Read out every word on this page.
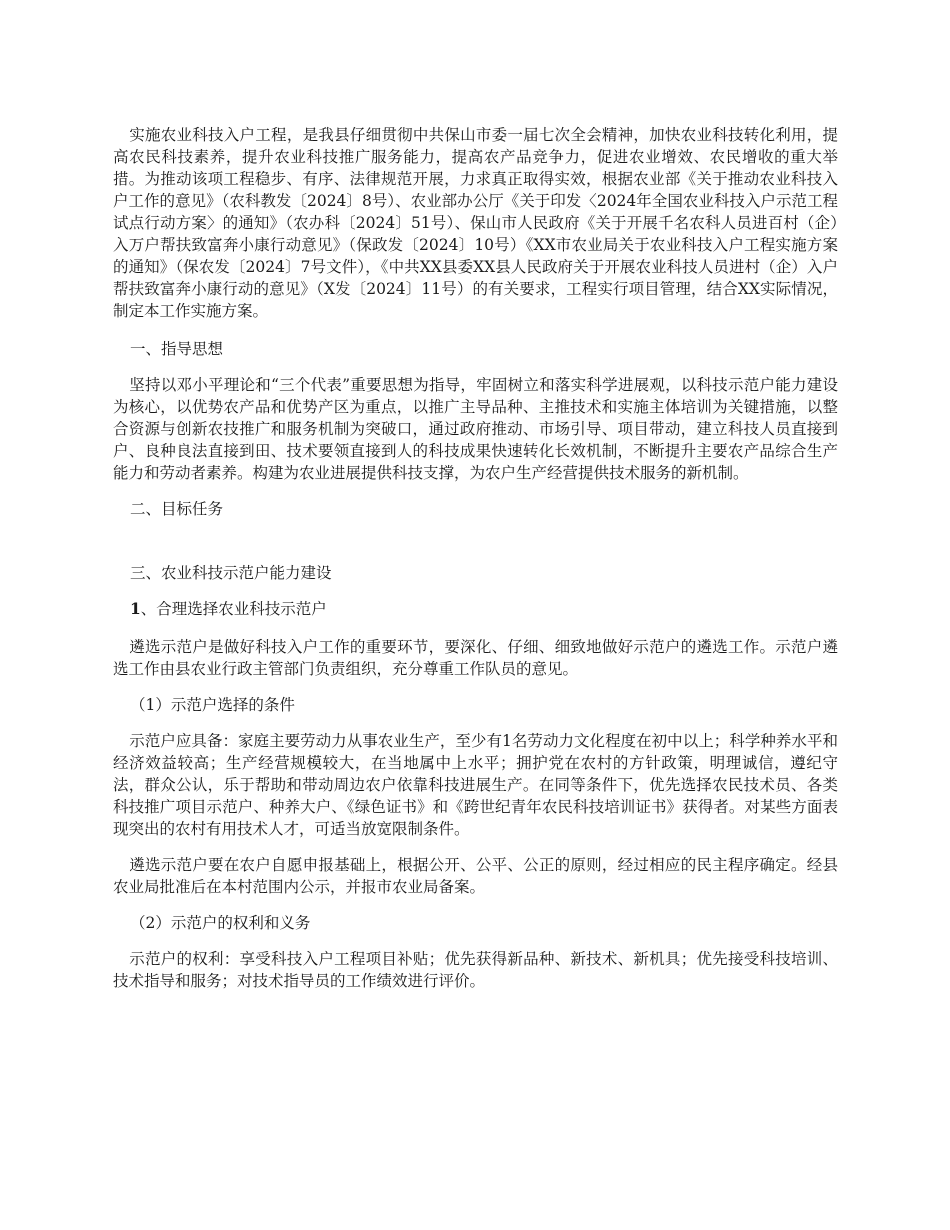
实施农业科技入户工程，是我县仔细贯彻中共保山市委一届七次全会精神，加快农业科技转化利用，提高农民科技素养，提升农业科技推广服务能力，提高农产品竞争力，促进农业增效、农民增收的重大举措。为推动该项工程稳步、有序、法律规范开展，力求真正取得实效，根据农业部《关于推动农业科技入户工作的意见》（农科教发〔2024〕8号）、农业部办公厅《关于印发〈2024年全国农业科技入户示范工程试点行动方案〉的通知》（农办科〔2024〕51号）、保山市人民政府《关于开展千名农科人员进百村（企）入万户帮扶致富奔小康行动意见》（保政发〔2024〕10号）《XX市农业局关于农业科技入户工程实施方案的通知》（保农发〔2024〕7号文件），《中共XX县委XX县人民政府关于开展农业科技人员进村（企）入户帮扶致富奔小康行动的意见》（X发〔2024〕11号）的有关要求，工程实行项目管理，结合XX实际情况，制定本工作实施方案。

一、指导思想

坚持以邓小平理论和“三个代表”重要思想为指导，牢固树立和落实科学进展观，以科技示范户能力建设为核心，以优势农产品和优势产区为重点，以推广主导品种、主推技术和实施主体培训为关键措施，以整合资源与创新农技推广和服务机制为突破口，通过政府推动、市场引导、项目带动，建立科技人员直接到户、良种良法直接到田、技术要领直接到人的科技成果快速转化长效机制，不断提升主要农产品综合生产能力和劳动者素养。构建为农业进展提供科技支撑，为农户生产经营提供技术服务的新机制。

二、目标任务

三、农业科技示范户能力建设

1、合理选择农业科技示范户

遴选示范户是做好科技入户工作的重要环节，要深化、仔细、细致地做好示范户的遴选工作。示范户遴选工作由县农业行政主管部门负责组织，充分尊重工作队员的意见。

（1）示范户选择的条件

示范户应具备：家庭主要劳动力从事农业生产，至少有1名劳动力文化程度在初中以上；科学种养水平和经济效益较高；生产经营规模较大，在当地属中上水平；拥护党在农村的方针政策，明理诚信，遵纪守法，群众公认，乐于帮助和带动周边农户依靠科技进展生产。在同等条件下，优先选择农民技术员、各类科技推广项目示范户、种养大户、《绿色证书》和《跨世纪青年农民科技培训证书》获得者。对某些方面表现突出的农村有用技术人才，可适当放宽限制条件。

遴选示范户要在农户自愿申报基础上，根据公开、公平、公正的原则，经过相应的民主程序确定。经县农业局批准后在本村范围内公示，并报市农业局备案。

（2）示范户的权利和义务

示范户的权利：享受科技入户工程项目补贴；优先获得新品种、新技术、新机具；优先接受科技培训、技术指导和服务；对技术指导员的工作绩效进行评价。
